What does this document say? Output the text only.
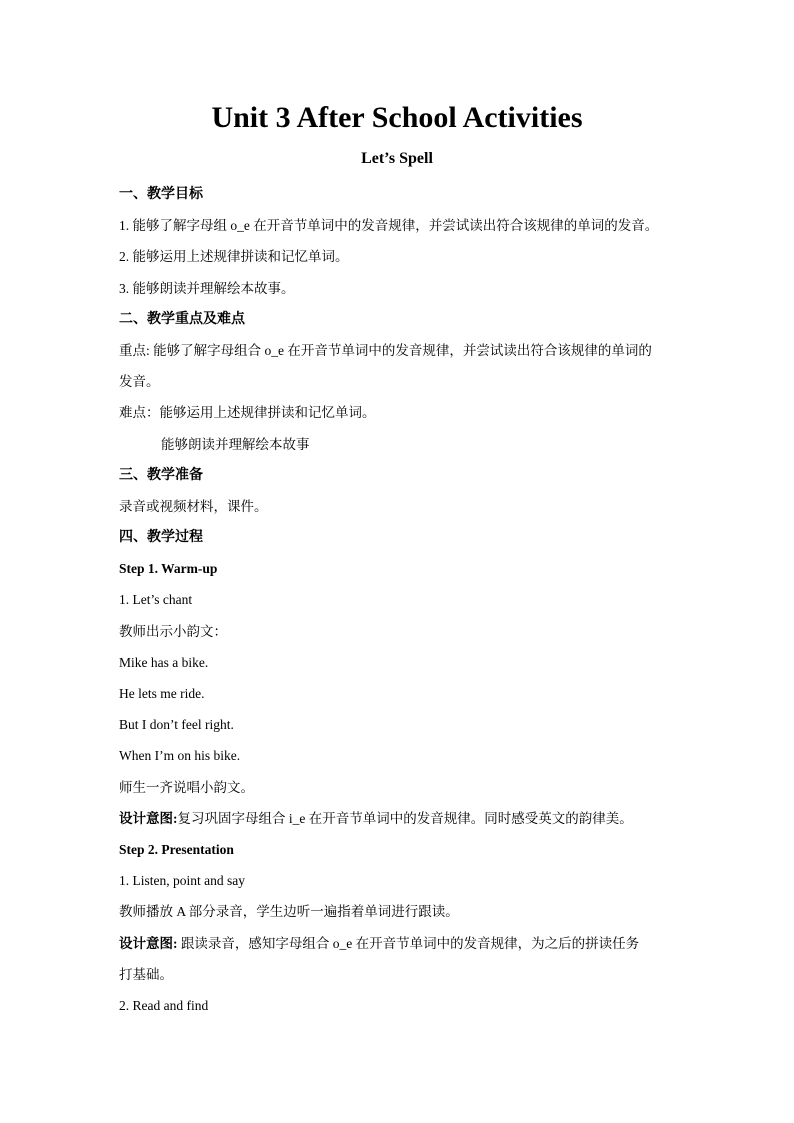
Unit 3 After School Activities
Let’s Spell
一、教学目标
1. 能够了解字母组 o_e 在开音节单词中的发音规律，并尝试读出符合该规律的单词的发音。
2. 能够运用上述规律拼读和记忆单词。
3. 能够朗读并理解绘本故事。
二、教学重点及难点
重点: 能够了解字母组合 o_e 在开音节单词中的发音规律，并尝试读出符合该规律的单词的
发音。
难点：能够运用上述规律拼读和记忆单词。
能够朗读并理解绘本故事
三、教学准备
录音或视频材料，课件。
四、教学过程
Step 1. Warm-up
1. Let’s chant
教师出示小韵文：
Mike has a bike.
He lets me ride.
But I don’t feel right.
When I’m on his bike.
师生一齐说唱小韵文。
设计意图:复习巩固字母组合 i_e 在开音节单词中的发音规律。同时感受英文的韵律美。
Step 2. Presentation
1. Listen, point and say
教师播放 A 部分录音，学生边听一遍指着单词进行跟读。
设计意图: 跟读录音，感知字母组合 o_e 在开音节单词中的发音规律，为之后的拼读任务
打基础。
2. Read and find
